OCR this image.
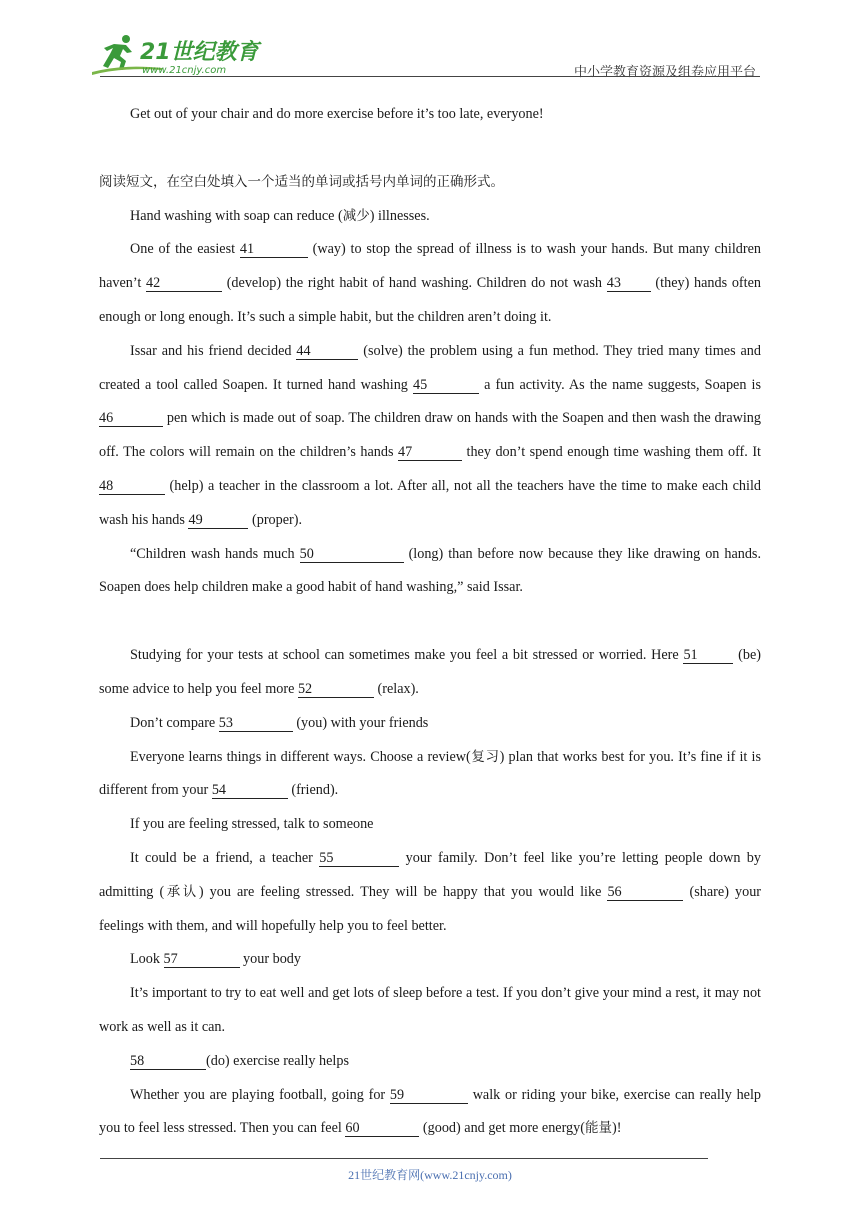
21世纪教育
www.21cnjy.com	中小学教育资源及组卷应用平台

Get out of your chair and do more exercise before it’s too late, everyone!

阅读短文，在空白处填入一个适当的单词或括号内单词的正确形式。

Hand washing with soap can reduce (减少) illnesses.

One of the easiest 41	(way) to stop the spread of illness is to wash your hands. But many children haven’t 42	(develop) the right habit of hand washing. Children do not wash 43 (they) hands often enough or long enough. It’s such a simple habit, but the children aren’t doing it.

Issar and his friend decided 44	(solve) the problem using a fun method. They tried many times and created a tool called Soapen. It turned hand washing 45	a fun activity. As the name suggests, Soapen is 46	pen which is made out of soap. The children draw on hands with the Soapen and then wash the drawing off. The colors will remain on the children’s hands 47	they don’t spend enough time washing them off. It 48	(help) a teacher in the classroom a lot. After all, not all the teachers have the time to make each child wash his hands 49	(proper).

“Children wash hands much 50	(long) than before now because they like drawing on hands. Soapen does help children make a good habit of hand washing,” said Issar.

Studying for your tests at school can sometimes make you feel a bit stressed or worried. Here 51	(be) some advice to help you feel more 52	(relax).

Don’t compare 53	(you) with your friends

Everyone learns things in different ways. Choose a review(复习) plan that works best for you. It’s fine if it is different from your 54	(friend).

If you are feeling stressed, talk to someone

It could be a friend, a teacher 55	your family. Don’t feel like you’re letting people down by admitting (承认) you are feeling stressed. They will be happy that you would like 56	(share) your feelings with them, and will hopefully help you to feel better.

Look 57	your body

It’s important to try to eat well and get lots of sleep before a test. If you don’t give your mind a rest, it may not work as well as it can.

58	(do) exercise really helps

Whether you are playing football, going for 59	walk or riding your bike, exercise can really help you to feel less stressed. Then you can feel 60	(good) and get more energy(能量)!

21世纪教育网(www.21cnjy.com)
